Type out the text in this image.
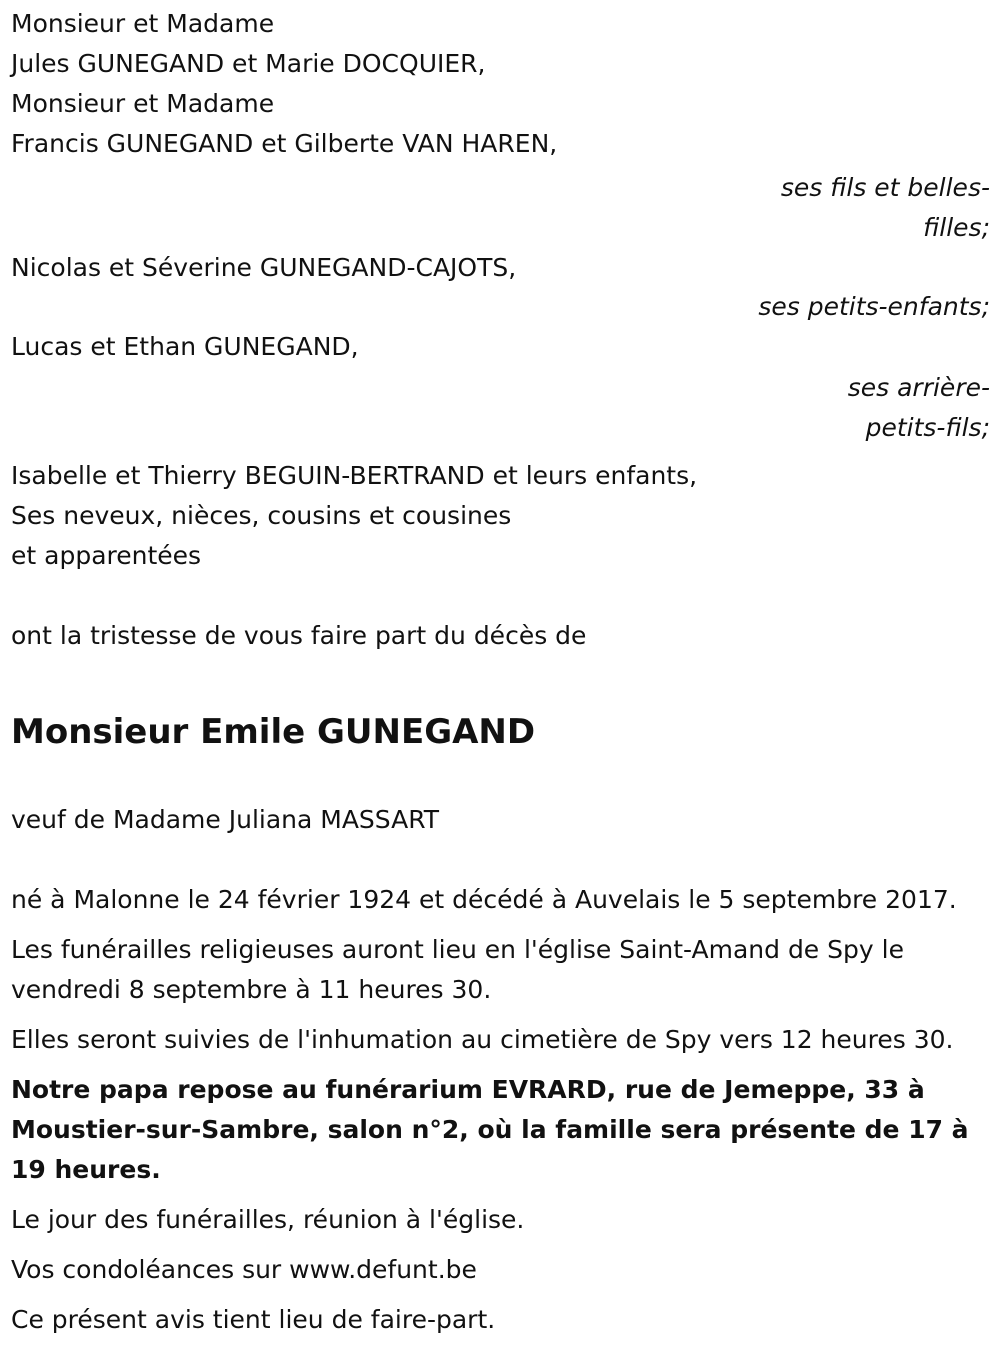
Monsieur et Madame
Jules GUNEGAND et Marie DOCQUIER,
Monsieur et Madame
Francis GUNEGAND et Gilberte VAN HAREN,
ses fils et belles-filles;
Nicolas et Séverine GUNEGAND-CAJOTS,
ses petits-enfants;
Lucas et Ethan GUNEGAND,
ses arrière-petits-fils;
Isabelle et Thierry BEGUIN-BERTRAND et leurs enfants,
Ses neveux, nièces, cousins et cousines
et apparentées
ont la tristesse de vous faire part du décès de
Monsieur Emile GUNEGAND
veuf de Madame Juliana MASSART
né à Malonne le 24 février 1924 et décédé à Auvelais le 5 septembre 2017.
Les funérailles religieuses auront lieu en l'église Saint-Amand de Spy le vendredi 8 septembre à 11 heures 30.
Elles seront suivies de l'inhumation au cimetière de Spy vers 12 heures 30.
Notre papa repose au funérarium EVRARD, rue de Jemeppe, 33 à Moustier-sur-Sambre, salon n°2, où la famille sera présente de 17 à 19 heures.
Le jour des funérailles, réunion à l'église.
Vos condoléances sur www.defunt.be
Ce présent avis tient lieu de faire-part.
